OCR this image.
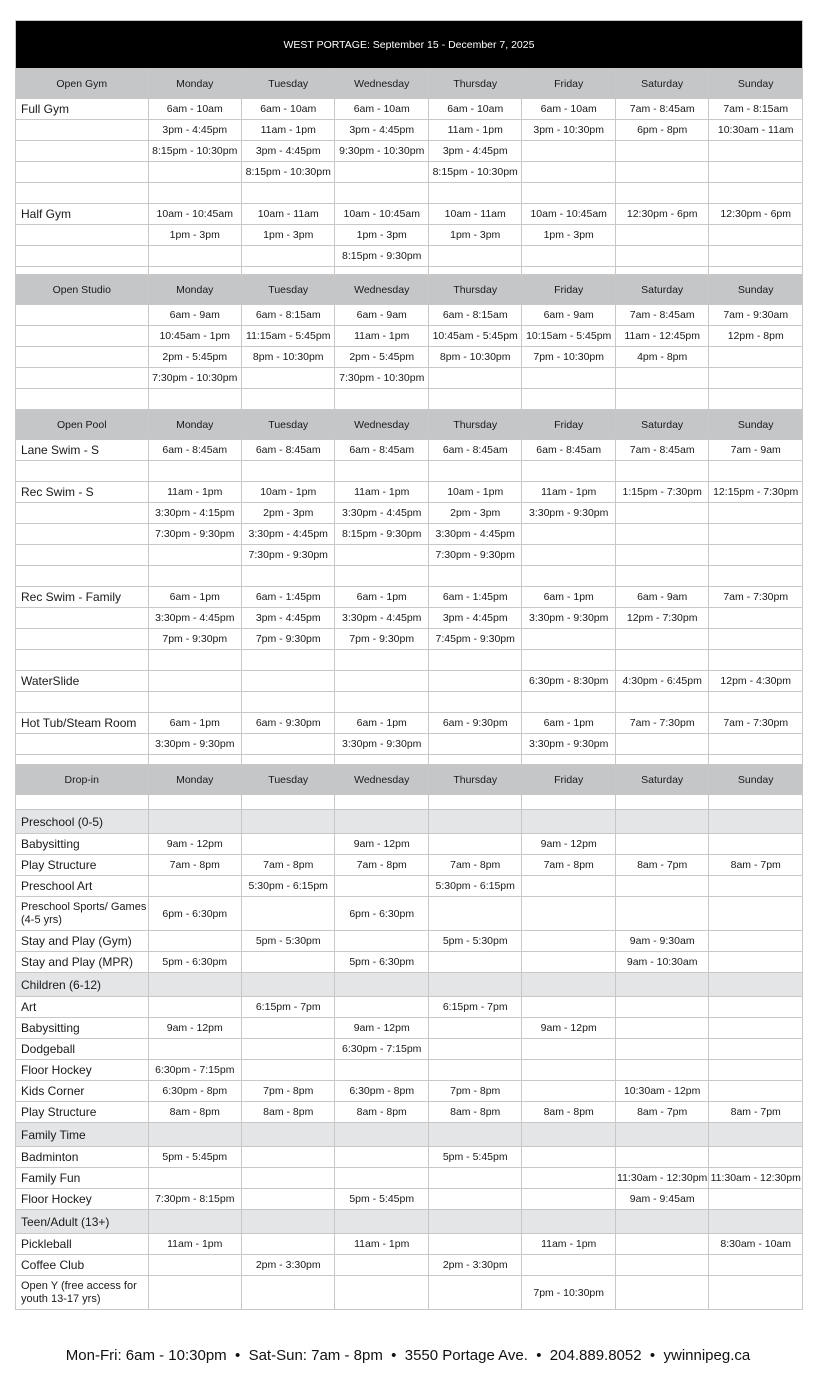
WEST PORTAGE: September 15 - December 7, 2025							
Open Gym	Monday	Tuesday	Wednesday	Thursday	Friday	Saturday	Sunday
Full Gym	6am - 10am	6am - 10am	6am - 10am	6am - 10am	6am - 10am	7am - 8:45am	7am - 8:15am
	3pm - 4:45pm	11am - 1pm	3pm - 4:45pm	11am - 1pm	3pm - 10:30pm	6pm - 8pm	10:30am - 11am
	8:15pm - 10:30pm	3pm - 4:45pm	9:30pm - 10:30pm	3pm - 4:45pm			
		8:15pm - 10:30pm		8:15pm - 10:30pm			

Half Gym	10am - 10:45am	10am - 11am	10am - 10:45am	10am - 11am	10am - 10:45am	12:30pm - 6pm	12:30pm - 6pm
	1pm - 3pm	1pm - 3pm	1pm - 3pm	1pm - 3pm	1pm - 3pm		
			8:15pm - 9:30pm				

Open Studio	Monday	Tuesday	Wednesday	Thursday	Friday	Saturday	Sunday
	6am - 9am	6am - 8:15am	6am - 9am	6am - 8:15am	6am - 9am	7am - 8:45am	7am - 9:30am
	10:45am - 1pm	11:15am - 5:45pm	11am - 1pm	10:45am - 5:45pm	10:15am - 5:45pm	11am - 12:45pm	12pm - 8pm
	2pm - 5:45pm	8pm - 10:30pm	2pm - 5:45pm	8pm - 10:30pm	7pm - 10:30pm	4pm - 8pm	
	7:30pm - 10:30pm		7:30pm - 10:30pm				

Open Pool	Monday	Tuesday	Wednesday	Thursday	Friday	Saturday	Sunday
Lane Swim - S	6am - 8:45am	6am - 8:45am	6am - 8:45am	6am - 8:45am	6am - 8:45am	7am - 8:45am	7am - 9am

Rec Swim - S	11am - 1pm	10am - 1pm	11am - 1pm	10am - 1pm	11am - 1pm	1:15pm - 7:30pm	12:15pm - 7:30pm
	3:30pm - 4:15pm	2pm - 3pm	3:30pm - 4:45pm	2pm - 3pm	3:30pm - 9:30pm		
	7:30pm - 9:30pm	3:30pm - 4:45pm	8:15pm - 9:30pm	3:30pm - 4:45pm			
		7:30pm - 9:30pm		7:30pm - 9:30pm			

Rec Swim - Family	6am - 1pm	6am - 1:45pm	6am - 1pm	6am - 1:45pm	6am - 1pm	6am - 9am	7am - 7:30pm
	3:30pm - 4:45pm	3pm - 4:45pm	3:30pm - 4:45pm	3pm - 4:45pm	3:30pm - 9:30pm	12pm - 7:30pm	
	7pm - 9:30pm	7pm - 9:30pm	7pm - 9:30pm	7:45pm - 9:30pm			

WaterSlide					6:30pm - 8:30pm	4:30pm - 6:45pm	12pm - 4:30pm

Hot Tub/Steam Room	6am - 1pm	6am - 9:30pm	6am - 1pm	6am - 9:30pm	6am - 1pm	7am - 7:30pm	7am - 7:30pm
	3:30pm - 9:30pm		3:30pm - 9:30pm		3:30pm - 9:30pm		

Drop-in	Monday	Tuesday	Wednesday	Thursday	Friday	Saturday	Sunday

Preschool (0-5)							
Babysitting	9am - 12pm		9am - 12pm		9am - 12pm		
Play Structure	7am - 8pm	7am - 8pm	7am - 8pm	7am - 8pm	7am - 8pm	8am - 7pm	8am - 7pm
Preschool Art		5:30pm - 6:15pm		5:30pm - 6:15pm			
Preschool Sports/ Games (4-5 yrs)	6pm - 6:30pm		6pm - 6:30pm				
Stay and Play (Gym)		5pm - 5:30pm		5pm - 5:30pm		9am - 9:30am	
Stay and Play (MPR)	5pm - 6:30pm		5pm - 6:30pm			9am - 10:30am	
Children (6-12)							
Art		6:15pm - 7pm		6:15pm - 7pm			
Babysitting	9am - 12pm		9am - 12pm		9am - 12pm		
Dodgeball			6:30pm - 7:15pm				
Floor Hockey	6:30pm - 7:15pm						
Kids Corner	6:30pm - 8pm	7pm - 8pm	6:30pm - 8pm	7pm - 8pm		10:30am - 12pm	
Play Structure	8am - 8pm	8am - 8pm	8am - 8pm	8am - 8pm	8am - 8pm	8am - 7pm	8am - 7pm
Family Time							
Badminton	5pm - 5:45pm			5pm - 5:45pm			
Family Fun						11:30am - 12:30pm	11:30am - 12:30pm
Floor Hockey	7:30pm - 8:15pm		5pm - 5:45pm			9am - 9:45am	
Teen/Adult (13+)							
Pickleball	11am - 1pm		11am - 1pm		11am - 1pm		8:30am - 10am
Coffee Club		2pm - 3:30pm		2pm - 3:30pm			
Open Y (free access for youth 13-17 yrs)					7pm - 10:30pm		
Mon-Fri: 6am - 10:30pm  •  Sat-Sun: 7am - 8pm  •  3550 Portage Ave.  •  204.889.8052  •  ywinnipeg.ca
